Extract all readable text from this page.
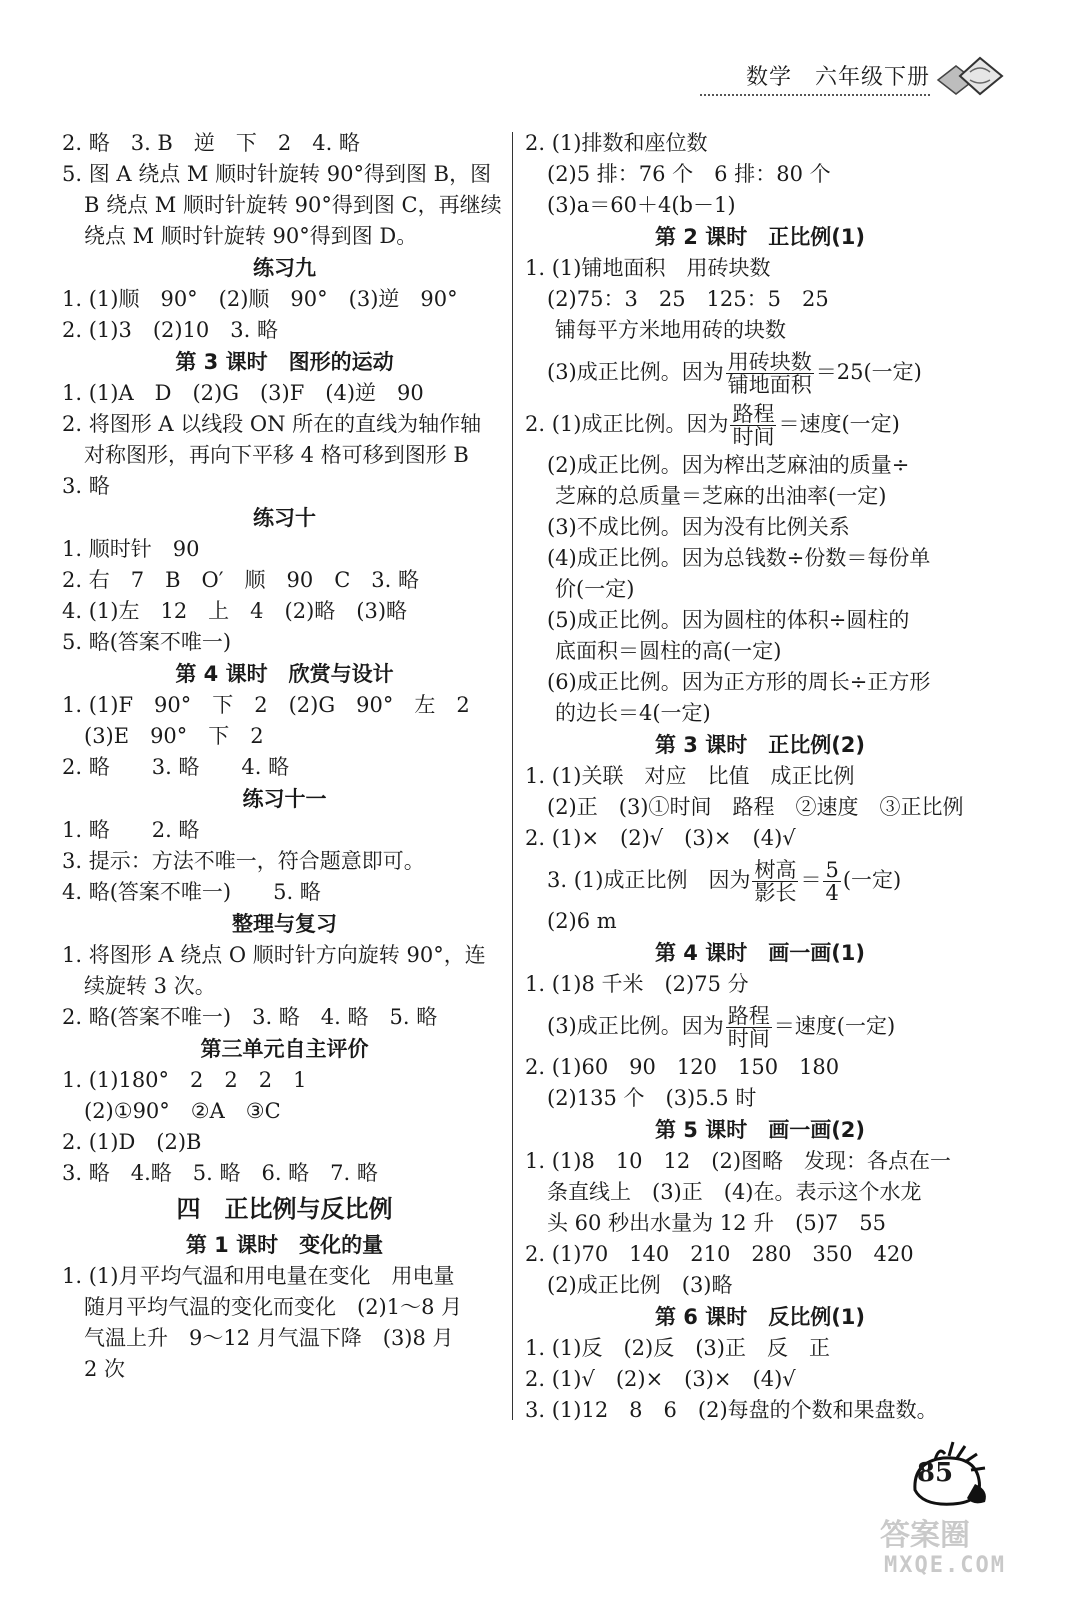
数学　六年级下册
2. 略　3. B　逆　下　2　4. 略
5. 图 A 绕点 M 顺时针旋转 90°得到图 B，图
B 绕点 M 顺时针旋转 90°得到图 C，再继续
绕点 M 顺时针旋转 90°得到图 D。
练习九
1. (1)顺　90°　(2)顺　90°　(3)逆　90°
2. (1)3　(2)10　3. 略
第 3 课时　图形的运动
1. (1)A　D　(2)G　(3)F　(4)逆　90
2. 将图形 A 以线段 ON 所在的直线为轴作轴
对称图形，再向下平移 4 格可移到图形 B
3. 略
练习十
1. 顺时针　90
2. 右　7　B　O′　顺　90　C　3. 略
4. (1)左　12　上　4　(2)略　(3)略
5. 略(答案不唯一)
第 4 课时　欣赏与设计
1. (1)F　90°　下　2　(2)G　90°　左　2
(3)E　90°　下　2
2. 略　　3. 略　　4. 略
练习十一
1. 略　　2. 略
3. 提示：方法不唯一，符合题意即可。
4. 略(答案不唯一)　　5. 略
整理与复习
1. 将图形 A 绕点 O 顺时针方向旋转 90°，连
续旋转 3 次。
2. 略(答案不唯一)　3. 略　4. 略　5. 略
第三单元自主评价
1. (1)180°　2　2　2　1
(2)①90°　②A　③C
2. (1)D　(2)B
3. 略　4.略　5. 略　6. 略　7. 略
四　正比例与反比例
第 1 课时　变化的量
1. (1)月平均气温和用电量在变化　用电量
随月平均气温的变化而变化　(2)1～8 月
气温上升　9～12 月气温下降　(3)8 月
2 次
2. (1)排数和座位数
(2)5 排：76 个　6 排：80 个
(3)a＝60＋4(b－1)
第 2 课时　正比例(1)
1. (1)铺地面积　用砖块数
(2)75：3　25　125：5　25
铺每平方米地用砖的块数
(3)成正比例。因为 $\frac{\text{用砖块数}}{\text{铺地面积}} =25$(一定)
2. (1)成正比例。因为 $\frac{\text{路程}}{\text{时间}}$ ＝速度(一定)
(2)成正比例。因为榨出芝麻油的质量÷
芝麻的总质量＝芝麻的出油率(一定)
(3)不成比例。因为没有比例关系
(4)成正比例。因为总钱数÷份数＝每份单
价(一定)
(5)成正比例。因为圆柱的体积÷圆柱的
底面积＝圆柱的高(一定)
(6)成正比例。因为正方形的周长÷正方形
的边长＝4(一定)
第 3 课时　正比例(2)
1. (1)关联　对应　比值　成正比例
(2)正　(3)①时间　路程　②速度　③正比例
2. (1)×　(2)√　(3)×　(4)√
3. (1)成正比例　因为 $\frac{\text{树高}}{\text{影长}} = \frac{5}{4}$ (一定)
(2)6 m
第 4 课时　画一画(1)
1. (1)8 千米　(2)75 分
(3)成正比例。因为 $\frac{\text{路程}}{\text{时间}}$ ＝速度(一定)
2. (1)60　90　120　150　180
(2)135 个　(3)5.5 时
第 5 课时　画一画(2)
1. (1)8　10　12　(2)图略　发现：各点在一
条直线上　(3)正　(4)在。表示这个水龙
头 60 秒出水量为 12 升　(5)7　55
2. (1)70　140　210　280　350　420
(2)成正比例　(3)略
第 6 课时　反比例(1)
1. (1)反　(2)反　(3)正　反　正
2. (1)√　(2)×　(3)×　(4)√
3. (1)12　8　6　(2)每盘的个数和果盘数。
85
答案圈
MXQE.COM
